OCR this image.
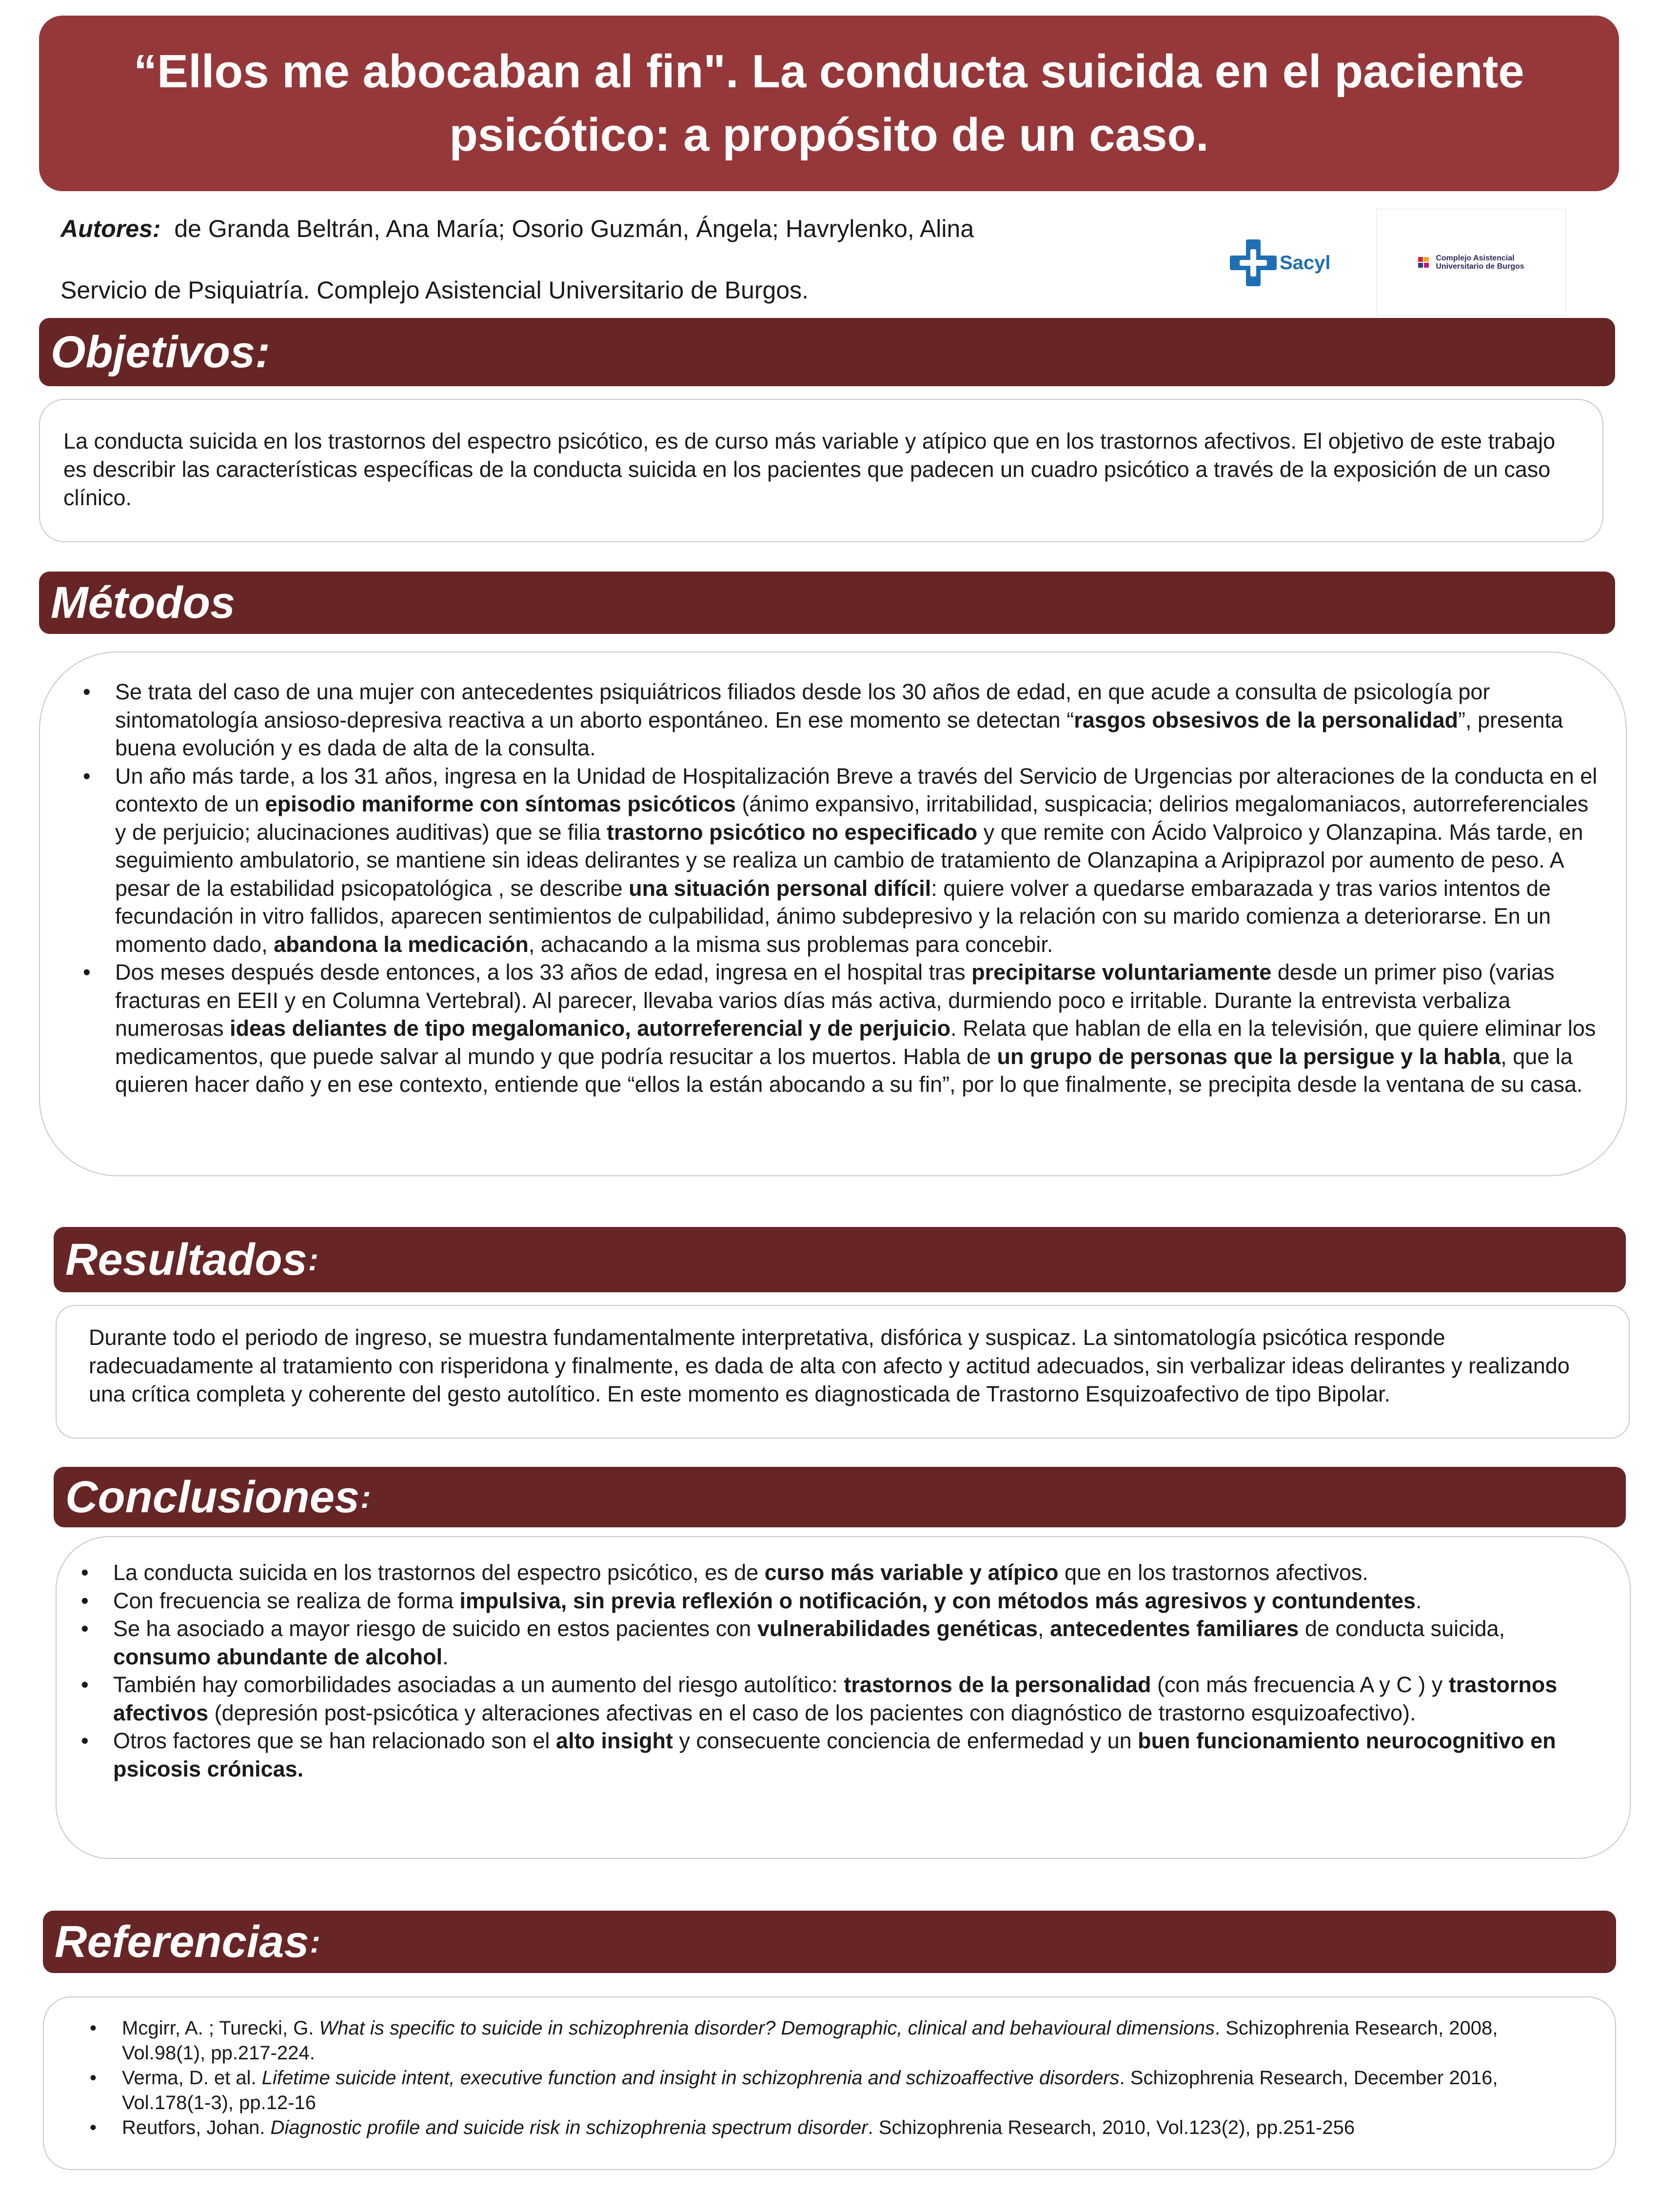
“Ellos me abocaban al fin". La conducta suicida en el paciente psicótico: a propósito de un caso.
Autores: de Granda Beltrán, Ana María; Osorio Guzmán, Ángela; Havrylenko, Alina
Servicio de Psiquiatría. Complejo Asistencial Universitario de Burgos.
Sacyl	Complejo Asistencial
Universitario de Burgos
Objetivos:

La conducta suicida en los trastornos del espectro psicótico, es de curso más variable y atípico que en los trastornos afectivos. El objetivo de este trabajo es describir las características específicas de la conducta suicida en los pacientes que padecen un cuadro psicótico a través de la exposición de un caso clínico.

Métodos
• Se trata del caso de una mujer con antecedentes psiquiátricos filiados desde los 30 años de edad, en que acude a consulta de psicología por sintomatología ansioso-depresiva reactiva a un aborto espontáneo. En ese momento se detectan “rasgos obsesivos de la personalidad”, presenta buena evolución y es dada de alta de la consulta.
• Un año más tarde, a los 31 años, ingresa en la Unidad de Hospitalización Breve a través del Servicio de Urgencias por alteraciones de la conducta en el contexto de un episodio maniforme con síntomas psicóticos (ánimo expansivo, irritabilidad, suspicacia; delirios megalomaniacos, autorreferenciales y de perjuicio; alucinaciones auditivas) que se filia trastorno psicótico no especificado y que remite con Ácido Valproico y Olanzapina. Más tarde, en seguimiento ambulatorio, se mantiene sin ideas delirantes y se realiza un cambio de tratamiento de Olanzapina a Aripiprazol por aumento de peso. A pesar de la estabilidad psicopatológica , se describe una situación personal difícil: quiere volver a quedarse embarazada y tras varios intentos de fecundación in vitro fallidos, aparecen sentimientos de culpabilidad, ánimo subdepresivo y la relación con su marido comienza a deteriorarse. En un momento dado, abandona la medicación, achacando a la misma sus problemas para concebir.
• Dos meses después desde entonces, a los 33 años de edad, ingresa en el hospital tras precipitarse voluntariamente desde un primer piso (varias fracturas en EEII y en Columna Vertebral). Al parecer, llevaba varios días más activa, durmiendo poco e irritable. Durante la entrevista verbaliza numerosas ideas deliantes de tipo megalomanico, autorreferencial y de perjuicio. Relata que hablan de ella en la televisión, que quiere eliminar los medicamentos, que puede salvar al mundo y que podría resucitar a los muertos. Habla de un grupo de personas que la persigue y la habla, que la quieren hacer daño y en ese contexto, entiende que “ellos la están abocando a su fin”, por lo que finalmente, se precipita desde la ventana de su casa.
Resultados :

Durante todo el periodo de ingreso, se muestra fundamentalmente interpretativa, disfórica y suspicaz. La sintomatología psicótica responde radecuadamente al tratamiento con risperidona y finalmente, es dada de alta con afecto y actitud adecuados, sin verbalizar ideas delirantes y realizando una crítica completa y coherente del gesto autolítico. En este momento es diagnosticada de Trastorno Esquizoafectivo de tipo Bipolar.

Conclusiones :
• La conducta suicida en los trastornos del espectro psicótico, es de curso más variable y atípico que en los trastornos afectivos.
• Con frecuencia se realiza de forma impulsiva, sin previa reflexión o notificación, y con métodos más agresivos y contundentes.
• Se ha asociado a mayor riesgo de suicido en estos pacientes con vulnerabilidades genéticas, antecedentes familiares de conducta suicida, consumo abundante de alcohol.
• También hay comorbilidades asociadas a un aumento del riesgo autolítico: trastornos de la personalidad (con más frecuencia A y C ) y trastornos afectivos (depresión post-psicótica y alteraciones afectivas en el caso de los pacientes con diagnóstico de trastorno esquizoafectivo).
• Otros factores que se han relacionado son el alto insight y consecuente conciencia de enfermedad y un buen funcionamiento neurocognitivo en psicosis crónicas.
Referencias :
• Mcgirr, A. ; Turecki, G. What is specific to suicide in schizophrenia disorder? Demographic, clinical and behavioural dimensions. Schizophrenia Research, 2008, Vol.98(1), pp.217-224.
• Verma, D. et al. Lifetime suicide intent, executive function and insight in schizophrenia and schizoaffective disorders. Schizophrenia Research, December 2016, Vol.178(1-3), pp.12-16
• Reutfors, Johan. Diagnostic profile and suicide risk in schizophrenia spectrum disorder. Schizophrenia Research, 2010, Vol.123(2), pp.251-256
